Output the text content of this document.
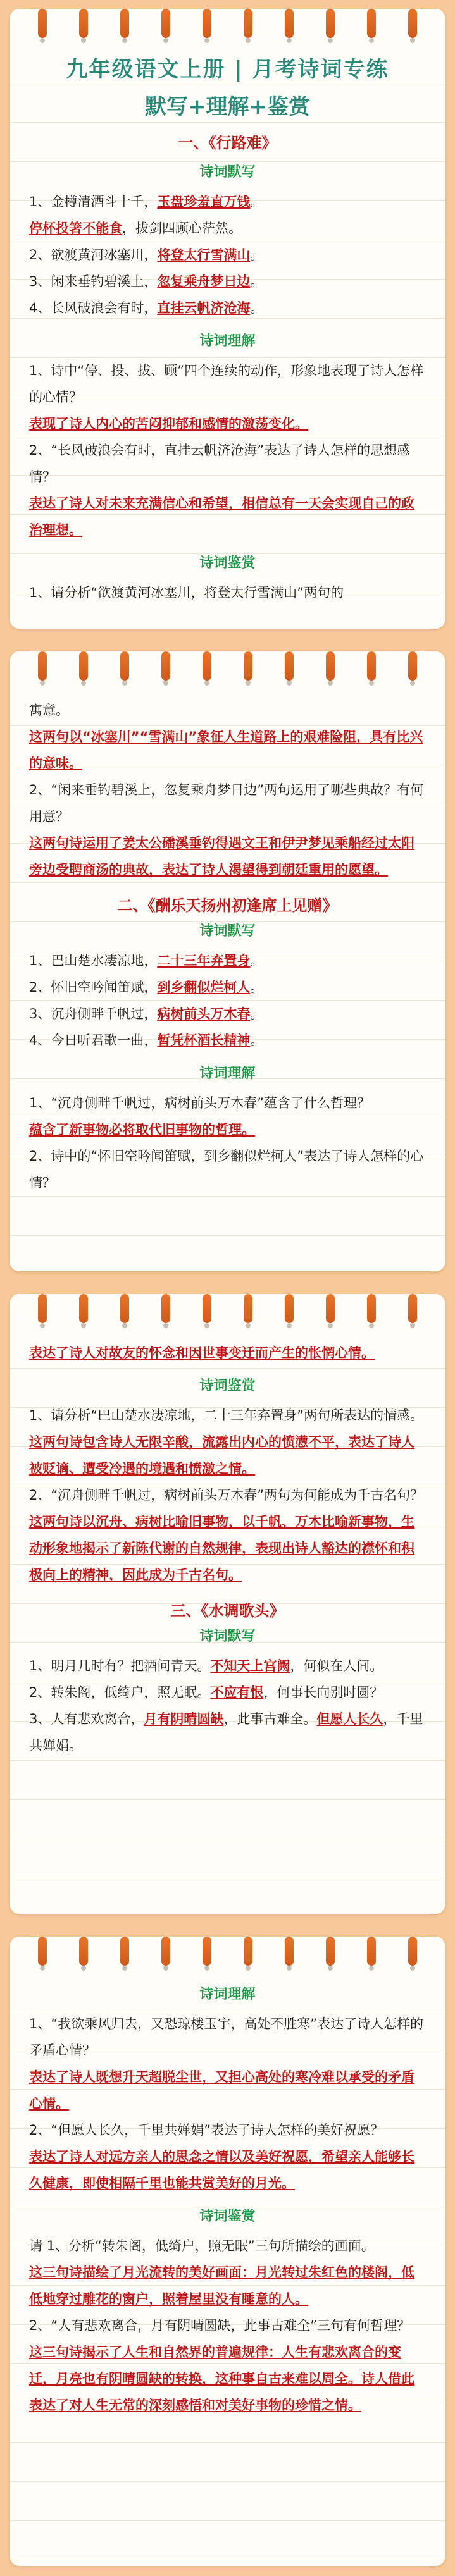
九年级语文上册 | 月考诗词专练
默写+理解+鉴赏
一、《行路难》
诗词默写
1、金樽清酒斗十千，玉盘珍羞直万钱。
停杯投箸不能食，拔剑四顾心茫然。
2、欲渡黄河冰塞川，将登太行雪满山。
3、闲来垂钓碧溪上，忽复乘舟梦日边。
4、长风破浪会有时，直挂云帆济沧海。
诗词理解
1、诗中“停、投、拔、顾”四个连续的动作，形象地表现了诗人怎样的心情？
表现了诗人内心的苦闷抑郁和感情的激荡变化。
2、“长风破浪会有时，直挂云帆济沧海”表达了诗人怎样的思想感情？
表达了诗人对未来充满信心和希望，相信总有一天会实现自己的政治理想。
诗词鉴赏
1、请分析“欲渡黄河冰塞川，将登太行雪满山”两句的
寓意。
这两句以“冰塞川”“雪满山”象征人生道路上的艰难险阻，具有比兴的意味。
2、“闲来垂钓碧溪上，忽复乘舟梦日边”两句运用了哪些典故？有何用意？
这两句诗运用了姜太公磻溪垂钓得遇文王和伊尹梦见乘船经过太阳旁边受聘商汤的典故，表达了诗人渴望得到朝廷重用的愿望。
二、《酬乐天扬州初逢席上见赠》
诗词默写
1、巴山楚水凄凉地，二十三年弃置身。
2、怀旧空吟闻笛赋，到乡翻似烂柯人。
3、沉舟侧畔千帆过，病树前头万木春。
4、今日听君歌一曲，暂凭杯酒长精神。
诗词理解
1、“沉舟侧畔千帆过，病树前头万木春”蕴含了什么哲理？
蕴含了新事物必将取代旧事物的哲理。
2、诗中的“怀旧空吟闻笛赋，到乡翻似烂柯人”表达了诗人怎样的心情？
表达了诗人对故友的怀念和因世事变迁而产生的怅惘心情。
诗词鉴赏
1、请分析“巴山楚水凄凉地，二十三年弃置身”两句所表达的情感。
这两句诗包含诗人无限辛酸，流露出内心的愤懑不平，表达了诗人被贬谪、遭受冷遇的境遇和愤激之情。
2、“沉舟侧畔千帆过，病树前头万木春”两句为何能成为千古名句？
这两句诗以沉舟、病树比喻旧事物，以千帆、万木比喻新事物，生动形象地揭示了新陈代谢的自然规律，表现出诗人豁达的襟怀和积极向上的精神，因此成为千古名句。
三、《水调歌头》
诗词默写
1、明月几时有？把酒问青天。不知天上宫阙，何似在人间。
2、转朱阁，低绮户，照无眠。不应有恨，何事长向别时圆？
3、人有悲欢离合，月有阴晴圆缺，此事古难全。但愿人长久，千里共婵娟。
诗词理解
1、“我欲乘风归去，又恐琼楼玉宇，高处不胜寒”表达了诗人怎样的矛盾心情？
表达了诗人既想升天超脱尘世，又担心高处的寒冷难以承受的矛盾心情。
2、“但愿人长久，千里共婵娟”表达了诗人怎样的美好祝愿？
表达了诗人对远方亲人的思念之情以及美好祝愿，希望亲人能够长久健康，即使相隔千里也能共赏美好的月光。
诗词鉴赏
请 1、分析“转朱阁，低绮户，照无眠”三句所描绘的画面。
这三句诗描绘了月光流转的美好画面：月光转过朱红色的楼阁，低低地穿过雕花的窗户，照着屋里没有睡意的人。
2、“人有悲欢离合，月有阴晴圆缺，此事古难全”三句有何哲理？
这三句诗揭示了人生和自然界的普遍规律：人生有悲欢离合的变迁，月亮也有阴晴圆缺的转换，这种事自古来难以周全。诗人借此表达了对人生无常的深刻感悟和对美好事物的珍惜之情。
